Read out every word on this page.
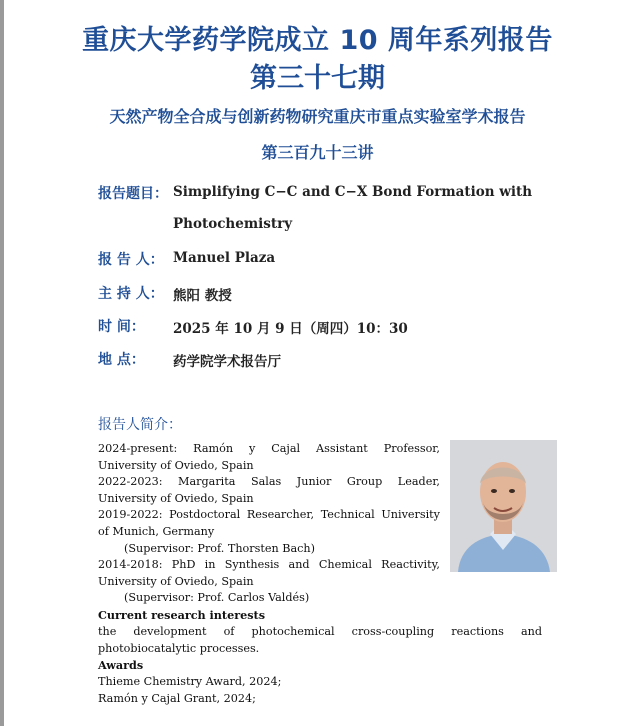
重庆大学药学院成立 10 周年系列报告
第三十七期
天然产物全合成与创新药物研究重庆市重点实验室学术报告
第三百九十三讲
报告题目： Simplifying C−C and C−X Bond Formation with
Photochemistry
报 告 人： Manuel Plaza
主 持 人： 熊阳 教授
时 间：	2025 年 10 月 9 日（周四）10：30
地 点：	药学院学术报告厅
报告人简介：
2024-present: Ramón y Cajal Assistant Professor, University of Oviedo, Spain
2022-2023: Margarita Salas Junior Group Leader, University of Oviedo, Spain
2019-2022: Postdoctoral Researcher, Technical University of Munich, Germany
(Supervisor: Prof. Thorsten Bach)
2014-2018: PhD in Synthesis and Chemical Reactivity, University of Oviedo, Spain
(Supervisor: Prof. Carlos Valdés)
Current research interests
the development of photochemical cross-coupling reactions and photobiocatalytic processes.
Awards
Thieme Chemistry Award, 2024;
Ramón y Cajal Grant, 2024;
